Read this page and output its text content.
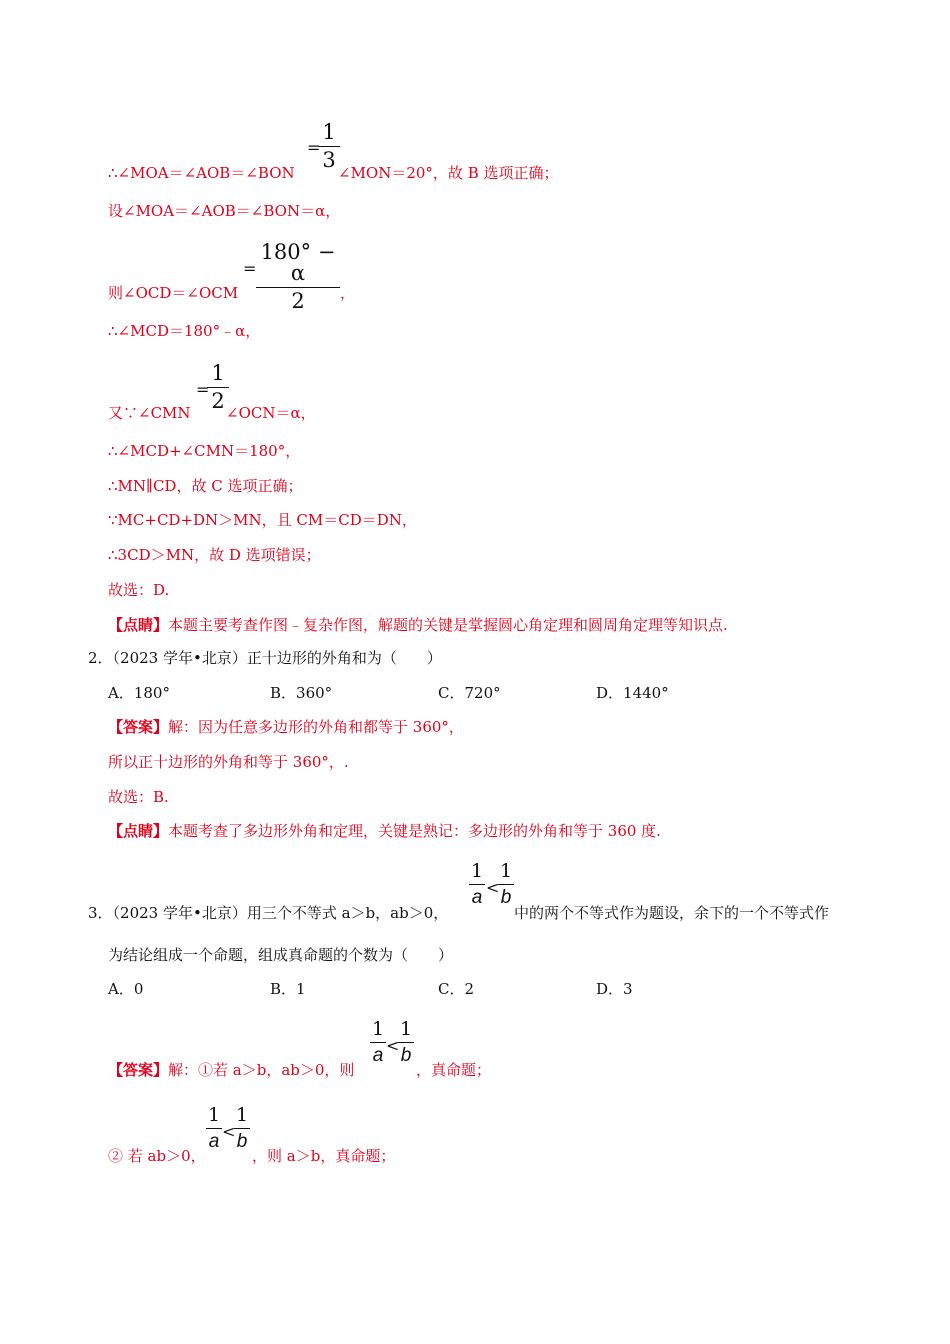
=
1
3
∴∠MOA＝∠AOB＝∠BON	∠MON＝20°，故 B 选项正确；
设∠MOA＝∠AOB＝∠BON＝α，
=
180° − α
2
则∠OCD＝∠OCM	，
∴∠MCD＝180°﹣α，
=
1
2
又∵∠CMN ∠OCN＝α，
∴∠MCD+∠CMN＝180°，
∴MN∥CD，故 C 选项正确；
∵MC+CD+DN＞MN，且 CM＝CD＝DN，
∴3CD＞MN，故 D 选项错误；
故选：D.
【点睛】本题主要考查作图﹣复杂作图，解题的关键是掌握圆心角定理和圆周角定理等知识点.
2．（2023 学年•北京）正十边形的外角和为（　　）
A．180°	B．360°	C．720°	D．1440°
【答案】解：因为任意多边形的外角和都等于 360°，
所以正十边形的外角和等于 360°，.
故选：B.
【点睛】本题考查了多边形外角和定理，关键是熟记：多边形的外角和等于 360 度.
3．（2023 学年•北京）用三个不等式 a＞b，ab＞0，
1
a <
1
b
中的两个不等式作为题设，余下的一个不等式作
为结论组成一个命题，组成真命题的个数为（　　）
A．0	B．1	C．2	D．3
【答案】解：①若 a＞b，ab＞0，则
1
a <
1
b
，真命题；
② 若 ab＞0，
1
a <
1
b
，则 a＞b，真命题；
